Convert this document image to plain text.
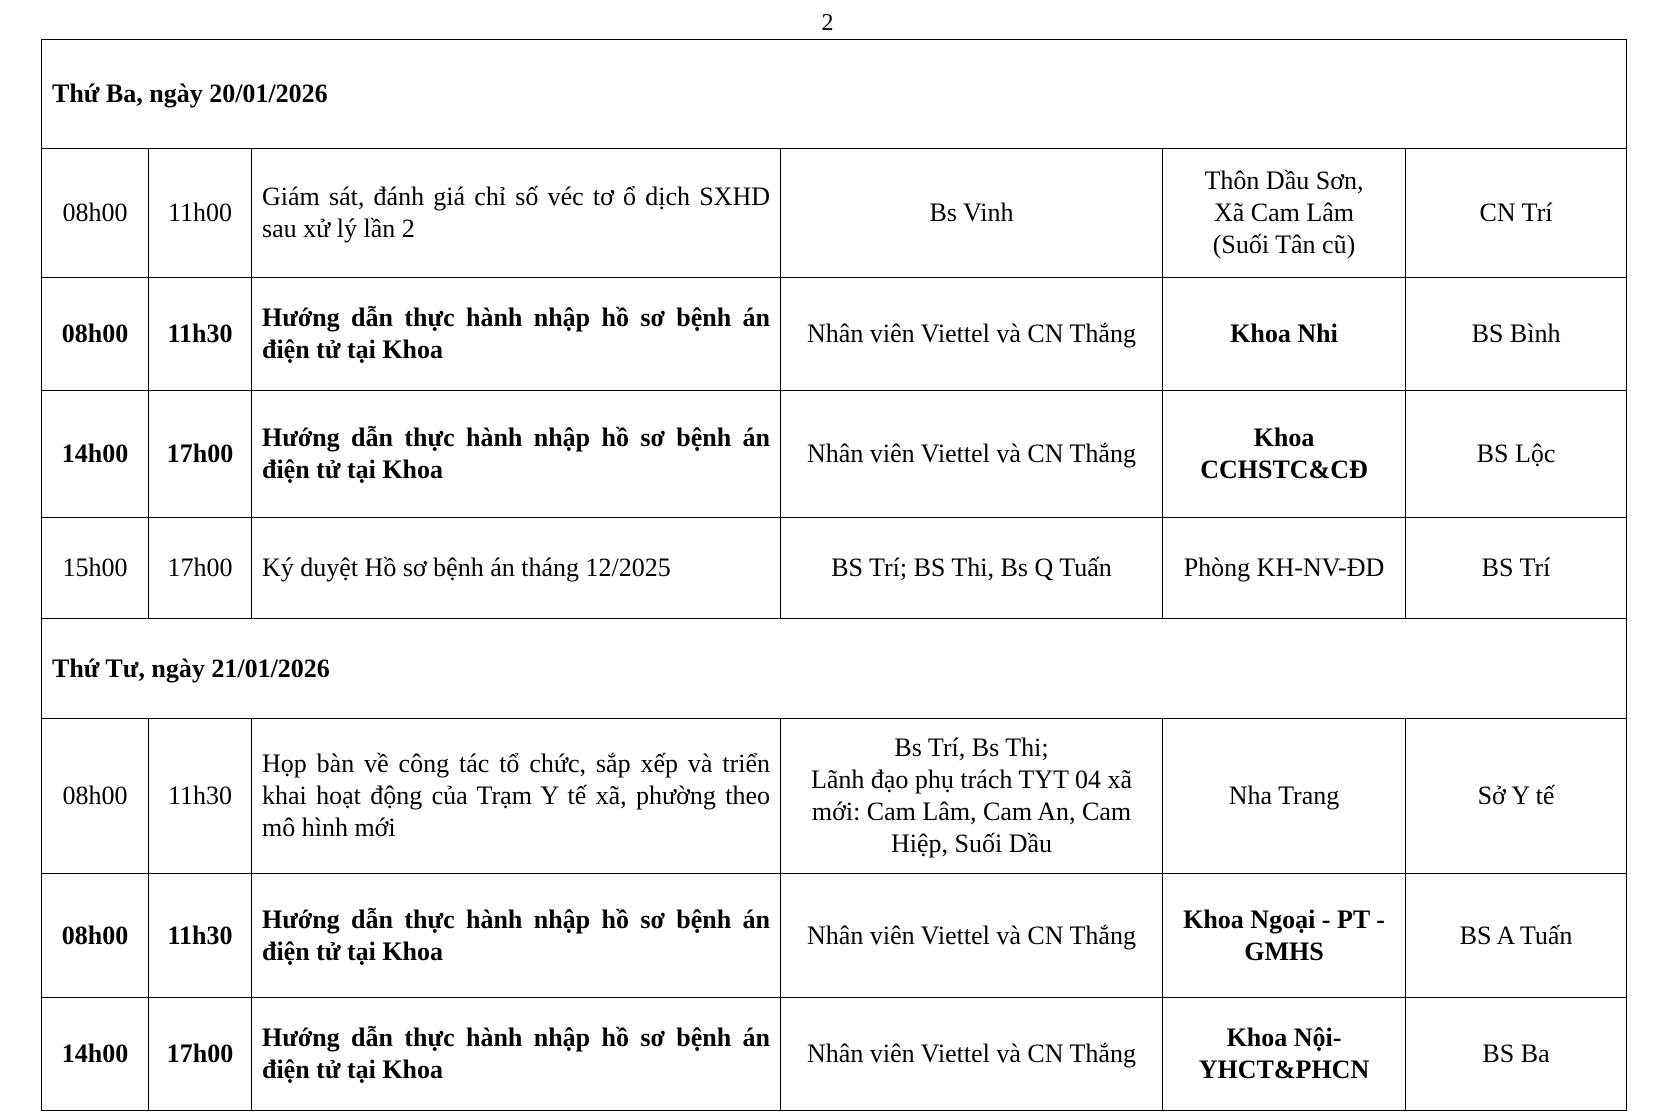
2
Thứ Ba, ngày 20/01/2026					
08h00	11h00	Giám sát, đánh giá chỉ số véc tơ ổ dịch SXHD sau xử lý lần 2	Bs Vinh	Thôn Dầu Sơn,
Xã Cam Lâm
(Suối Tân cũ)	CN Trí
08h00	11h30	Hướng dẫn thực hành nhập hồ sơ bệnh án điện tử tại Khoa	Nhân viên Viettel và CN Thắng	Khoa Nhi	BS Bình
14h00	17h00	Hướng dẫn thực hành nhập hồ sơ bệnh án điện tử tại Khoa	Nhân viên Viettel và CN Thắng	Khoa
CCHSTC&CĐ	BS Lộc
15h00	17h00	Ký duyệt Hồ sơ bệnh án tháng 12/2025	BS Trí; BS Thi, Bs Q Tuấn	Phòng KH-NV-ĐD	BS Trí
Thứ Tư, ngày 21/01/2026					
08h00	11h30	Họp bàn về công tác tổ chức, sắp xếp và triển khai hoạt động của Trạm Y tế xã, phường theo mô hình mới	Bs Trí, Bs Thi;
Lãnh đạo phụ trách TYT 04 xã mới: Cam Lâm, Cam An, Cam Hiệp, Suối Dầu	Nha Trang	Sở Y tế
08h00	11h30	Hướng dẫn thực hành nhập hồ sơ bệnh án điện tử tại Khoa	Nhân viên Viettel và CN Thắng	Khoa Ngoại - PT -
GMHS	BS A Tuấn
14h00	17h00	Hướng dẫn thực hành nhập hồ sơ bệnh án điện tử tại Khoa	Nhân viên Viettel và CN Thắng	Khoa Nội-
YHCT&PHCN	BS Ba
